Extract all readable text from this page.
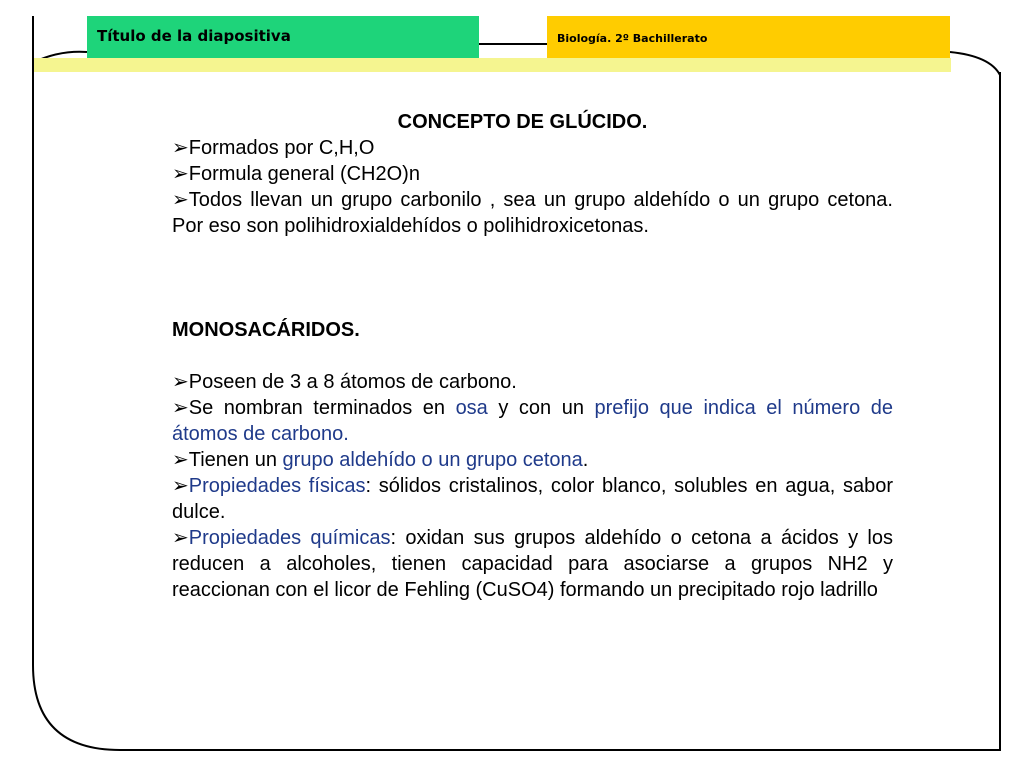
Título de la diapositiva	Biología. 2º Bachillerato

CONCEPTO DE GLÚCIDO.

➢Formados por C,H,O

➢Formula general (CH2O)n

➢Todos llevan un grupo carbonilo , sea un grupo aldehído o un grupo cetona. Por eso son polihidroxialdehídos o polihidroxicetonas.

MONOSACÁRIDOS.

➢Poseen de 3 a 8 átomos de carbono.

➢Se nombran terminados en osa y con un prefijo que indica el número de átomos de carbono.

➢Tienen un grupo aldehído o un grupo cetona.

➢Propiedades físicas: sólidos cristalinos, color blanco, solubles en agua, sabor dulce.

➢Propiedades químicas: oxidan sus grupos aldehído o cetona a ácidos y los reducen a alcoholes, tienen capacidad para asociarse a grupos NH2 y reaccionan con el licor de Fehling (CuSO4) formando un precipitado rojo ladrillo
